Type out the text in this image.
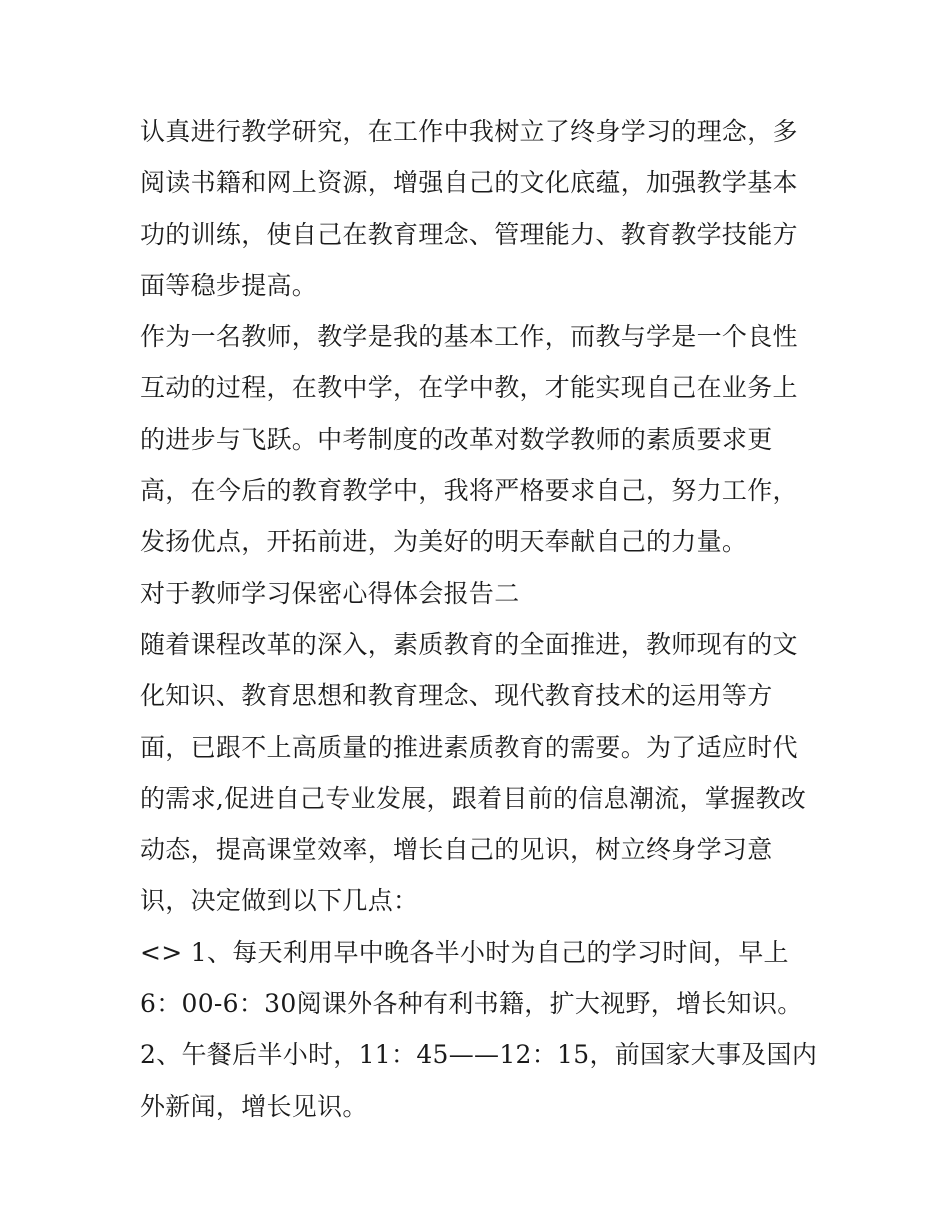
认真进行教学研究，在工作中我树立了终身学习的理念，多阅读书籍和网上资源，增强自己的文化底蕴，加强教学基本功的训练，使自己在教育理念、管理能力、教育教学技能方面等稳步提高。

作为一名教师，教学是我的基本工作，而教与学是一个良性互动的过程，在教中学，在学中教，才能实现自己在业务上的进步与飞跃。中考制度的改革对数学教师的素质要求更高，在今后的教育教学中，我将严格要求自己，努力工作，发扬优点，开拓前进，为美好的明天奉献自己的力量。

对于教师学习保密心得体会报告二

随着课程改革的深入，素质教育的全面推进，教师现有的文化知识、教育思想和教育理念、现代教育技术的运用等方面，已跟不上高质量的推进素质教育的需要。为了适应时代的需求,促进自己专业发展，跟着目前的信息潮流，掌握教改动态，提高课堂效率，增长自己的见识，树立终身学习意识，决定做到以下几点：

<> 1、每天利用早中晚各半小时为自己的学习时间，早上6：00-6：30阅课外各种有利书籍，扩大视野，增长知识。

2、午餐后半小时，11：45——12：15，前国家大事及国内外新闻，增长见识。
